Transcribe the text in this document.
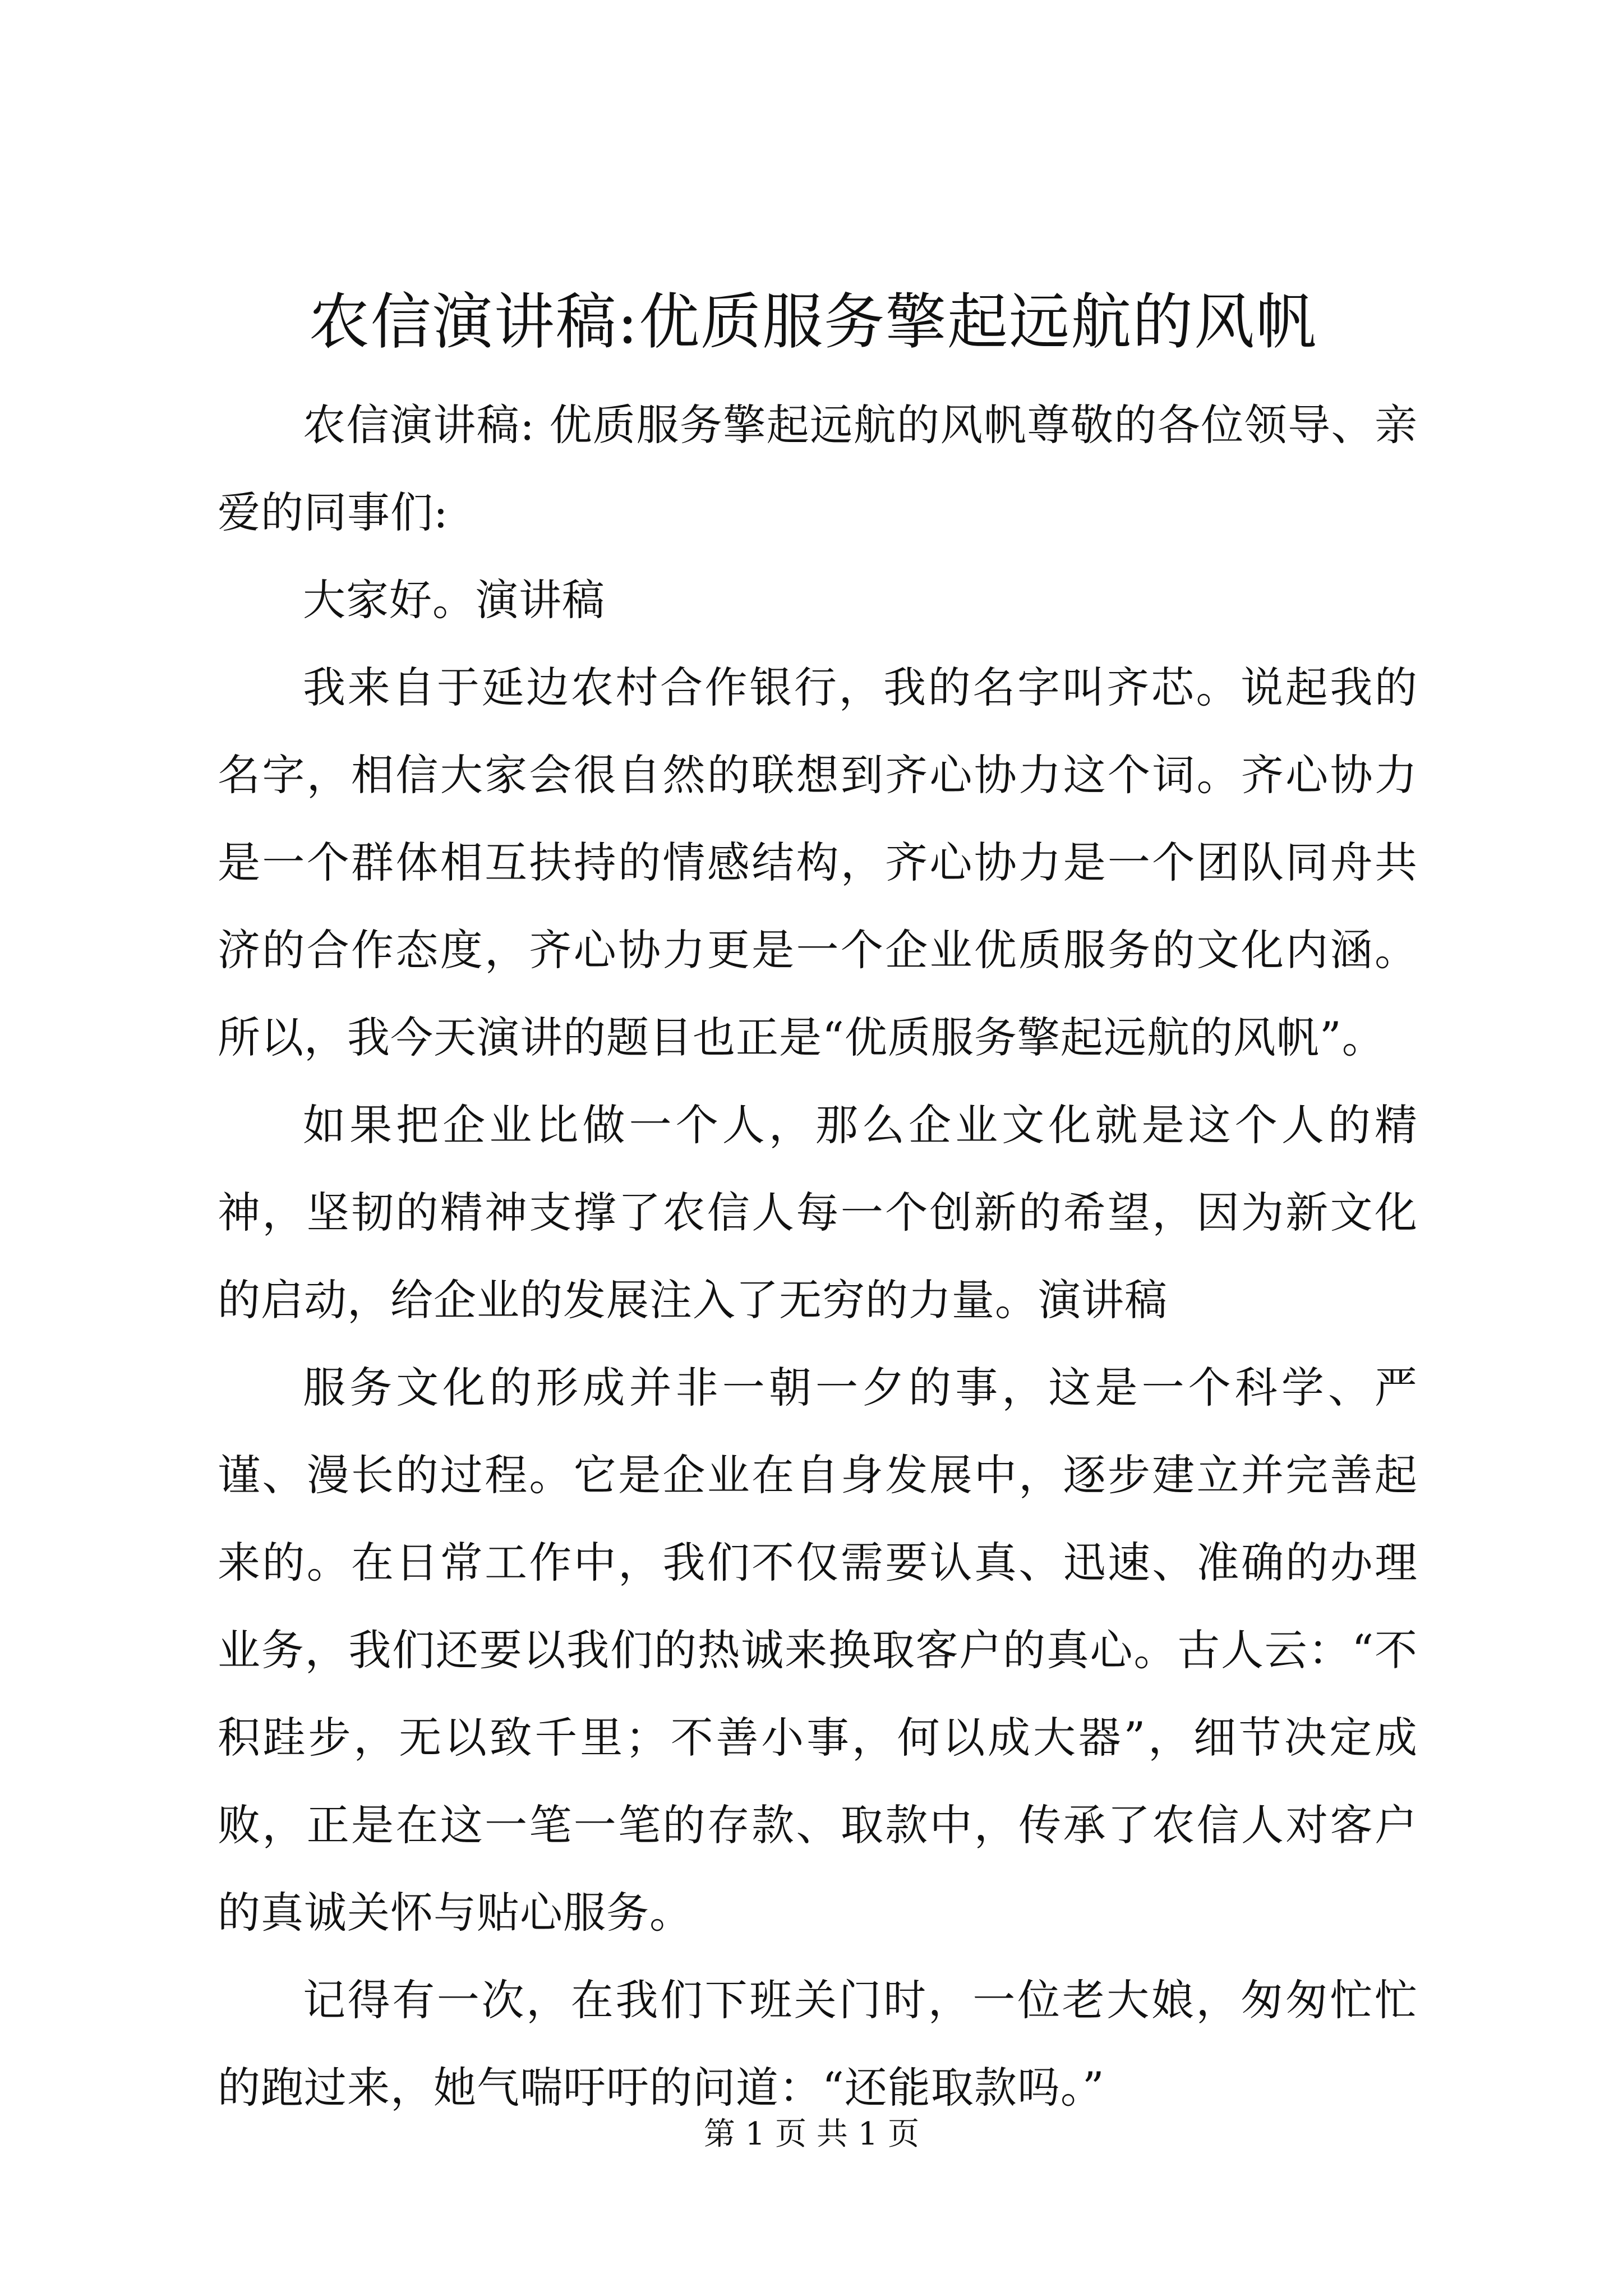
农信演讲稿:优质服务擎起远航的风帆

农信演讲稿: 优质服务擎起远航的风帆尊敬的各位领导、亲爱的同事们:

大家好。演讲稿

我来自于延边农村合作银行，我的名字叫齐芯。说起我的名字，相信大家会很自然的联想到齐心协力这个词。齐心协力是一个群体相互扶持的情感结构，齐心协力是一个团队同舟共济的合作态度，齐心协力更是一个企业优质服务的文化内涵。所以，我今天演讲的题目也正是“优质服务擎起远航的风帆”。

如果把企业比做一个人，那么企业文化就是这个人的精神，坚韧的精神支撑了农信人每一个创新的希望，因为新文化的启动，给企业的发展注入了无穷的力量。演讲稿

服务文化的形成并非一朝一夕的事，这是一个科学、严谨、漫长的过程。它是企业在自身发展中，逐步建立并完善起来的。在日常工作中，我们不仅需要认真、迅速、准确的办理业务，我们还要以我们的热诚来换取客户的真心。古人云：“不积跬步，无以致千里；不善小事，何以成大器”，细节决定成败，正是在这一笔一笔的存款、取款中，传承了农信人对客户的真诚关怀与贴心服务。

记得有一次，在我们下班关门时，一位老大娘，匆匆忙忙的跑过来，她气喘吁吁的问道：“还能取款吗。”

第 1 页 共 1 页
